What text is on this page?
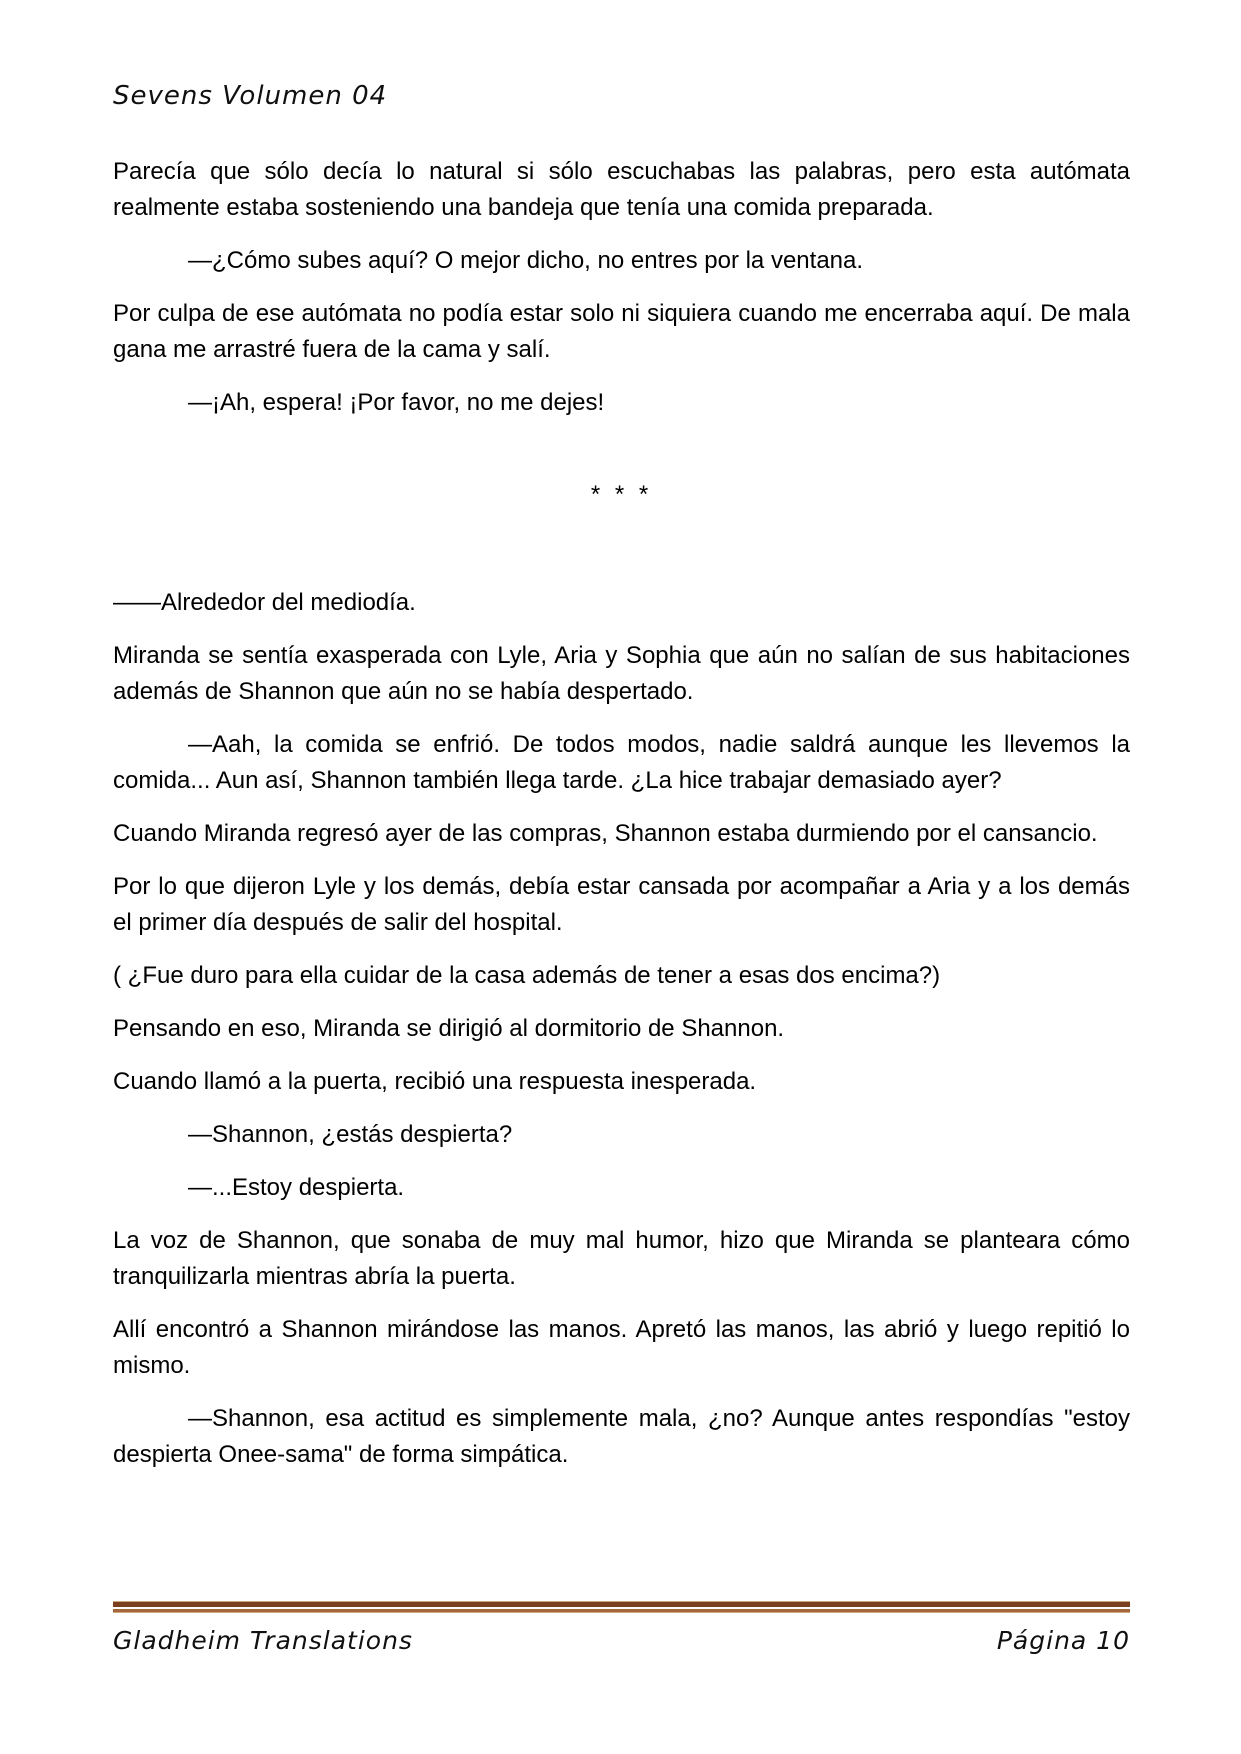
Sevens Volumen 04

Parecía que sólo decía lo natural si sólo escuchabas las palabras, pero esta autómata realmente estaba sosteniendo una bandeja que tenía una comida preparada.

—¿Cómo subes aquí? O mejor dicho, no entres por la ventana.

Por culpa de ese autómata no podía estar solo ni siquiera cuando me encerraba aquí. De mala gana me arrastré fuera de la cama y salí.

—¡Ah, espera! ¡Por favor, no me dejes!

* * *

——Alrededor del mediodía.

Miranda se sentía exasperada con Lyle, Aria y Sophia que aún no salían de sus habitaciones además de Shannon que aún no se había despertado.

—Aah, la comida se enfrió. De todos modos, nadie saldrá aunque les llevemos la comida... Aun así, Shannon también llega tarde. ¿La hice trabajar demasiado ayer?

Cuando Miranda regresó ayer de las compras, Shannon estaba durmiendo por el cansancio.

Por lo que dijeron Lyle y los demás, debía estar cansada por acompañar a Aria y a los demás el primer día después de salir del hospital.

( ¿Fue duro para ella cuidar de la casa además de tener a esas dos encima?)

Pensando en eso, Miranda se dirigió al dormitorio de Shannon.

Cuando llamó a la puerta, recibió una respuesta inesperada.

—Shannon, ¿estás despierta?

—...Estoy despierta.

La voz de Shannon, que sonaba de muy mal humor, hizo que Miranda se planteara cómo tranquilizarla mientras abría la puerta.

Allí encontró a Shannon mirándose las manos. Apretó las manos, las abrió y luego repitió lo mismo.

—Shannon, esa actitud es simplemente mala, ¿no? Aunque antes respondías "estoy despierta Onee-sama" de forma simpática.

Gladheim Translations	Página 10
